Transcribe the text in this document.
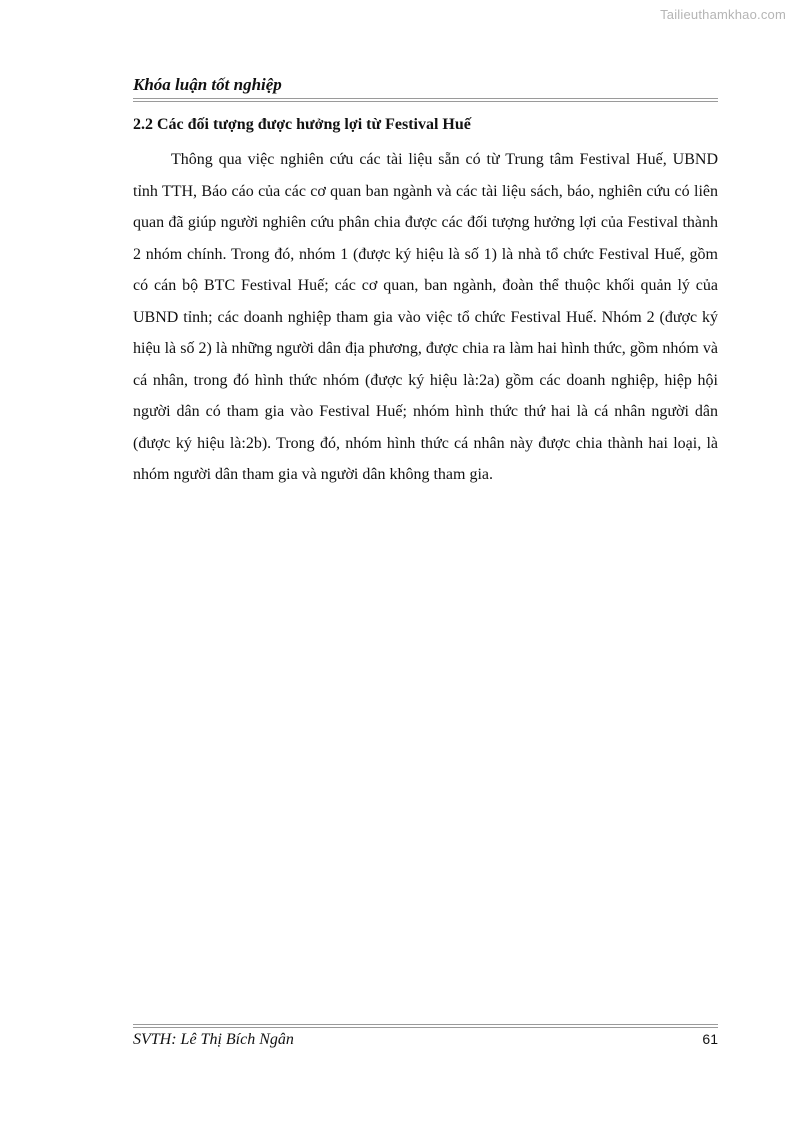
Tailieuthamkhao.com
Khóa luận tốt nghiệp
2.2 Các đối tượng được hưởng lợi từ Festival Huế

Thông qua việc nghiên cứu các tài liệu sẵn có từ Trung tâm Festival Huế, UBND tỉnh TTH, Báo cáo của các cơ quan ban ngành và các tài liệu sách, báo, nghiên cứu có liên quan đã giúp người nghiên cứu phân chia được các đối tượng hưởng lợi của Festival thành 2 nhóm chính. Trong đó, nhóm 1 (được ký hiệu là số 1) là nhà tổ chức Festival Huế, gồm có cán bộ BTC Festival Huế; các cơ quan, ban ngành, đoàn thể thuộc khối quản lý của UBND tỉnh; các doanh nghiệp tham gia vào việc tổ chức Festival Huế. Nhóm 2 (được ký hiệu là số 2) là những người dân địa phương, được chia ra làm hai hình thức, gồm nhóm và cá nhân, trong đó hình thức nhóm (được ký hiệu là:2a) gồm các doanh nghiệp, hiệp hội người dân có tham gia vào Festival Huế; nhóm hình thức thứ hai là cá nhân người dân (được ký hiệu là:2b). Trong đó, nhóm hình thức cá nhân này được chia thành hai loại, là nhóm người dân tham gia và người dân không tham gia.

SVTH: Lê Thị Bích Ngân	61
